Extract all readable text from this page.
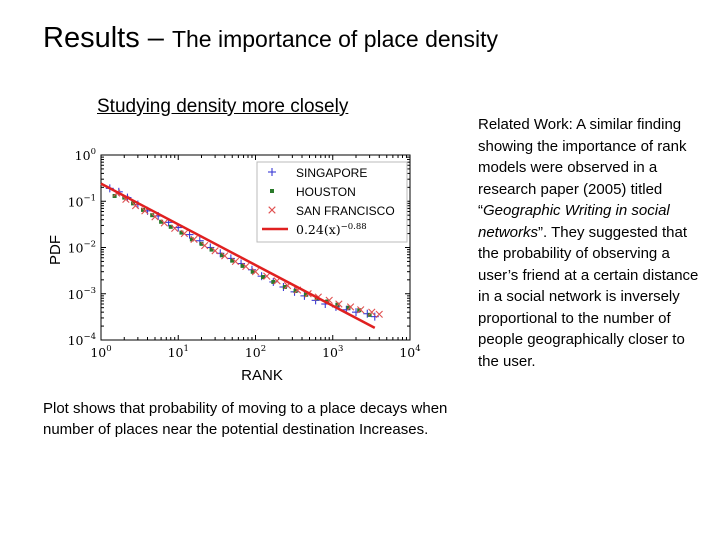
Results – The importance of place density
Studying density more closely
$10^0$	$10^1$	$10^2$	$10^3$	$10^4$
$10^0$
$10^{-1}$
$10^{-2}$
$10^{-3}$
$10^{-4}$
RANK
PDF
SINGAPORE
HOUSTON
SAN FRANCISCO
$0.24(x)^{-0.88}$
Plot shows that probability of moving to a place decays when number of places near the potential destination Increases.
Related Work: A similar finding showing the importance of rank models were observed in a research paper (2005) titled “Geographic Writing in social networks”. They suggested that the probability of observing a user’s friend at a certain distance in a social network is inversely proportional to the number of people geographically closer to the user.
